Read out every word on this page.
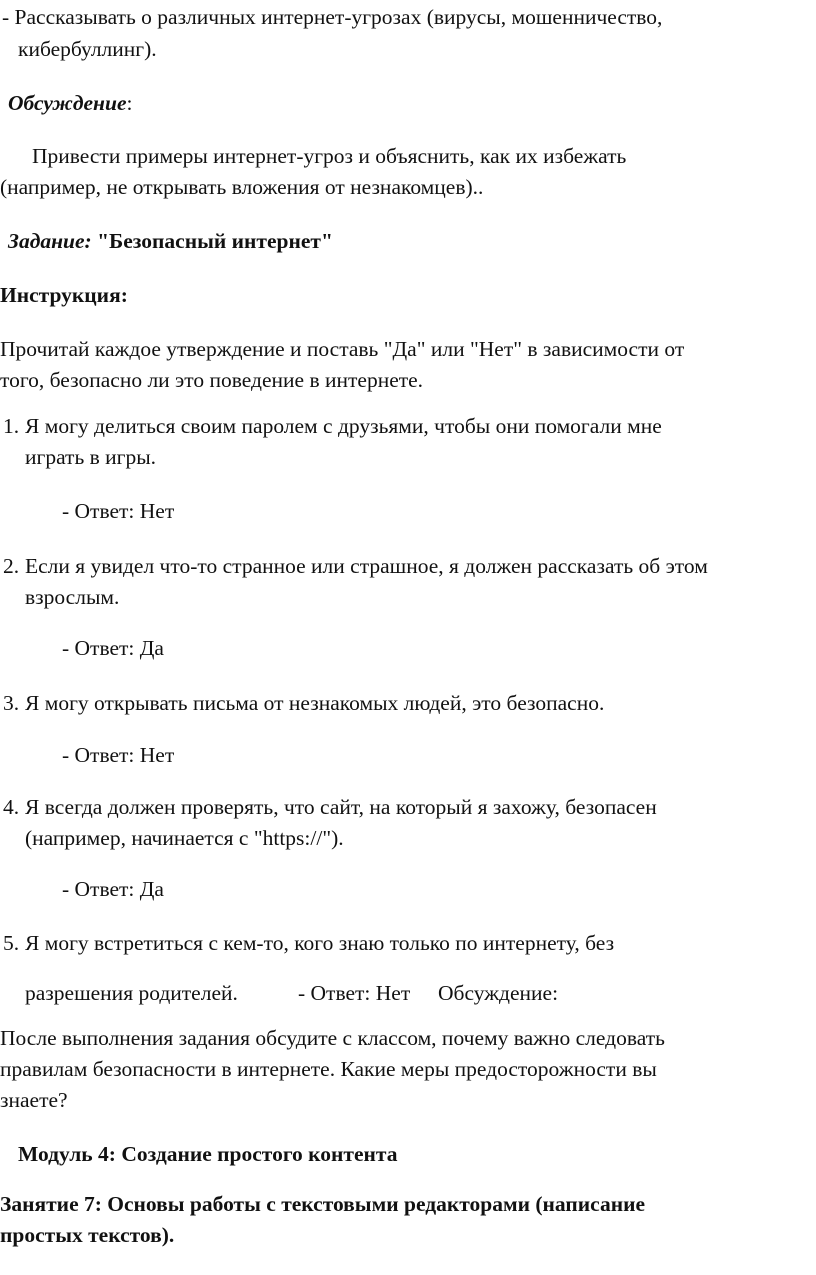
- Рассказывать о различных интернет-угрозах (вирусы, мошенничество,
кибербуллинг).
Обсуждение:
Привести примеры интернет-угроз и объяснить, как их избежать
(например, не открывать вложения от незнакомцев)..
Задание: "Безопасный интернет"
Инструкция:
Прочитай каждое утверждение и поставь "Да" или "Нет" в зависимости от
того, безопасно ли это поведение в интернете.
1. Я могу делиться своим паролем с друзьями, чтобы они помогали мне
играть в игры.
- Ответ: Нет
2. Если я увидел что-то странное или страшное, я должен рассказать об этом
взрослым.
- Ответ: Да
3. Я могу открывать письма от незнакомых людей, это безопасно.
- Ответ: Нет
4. Я всегда должен проверять, что сайт, на который я захожу, безопасен
(например, начинается с "https://").
- Ответ: Да
5. Я могу встретиться с кем-то, кого знаю только по интернету, без
разрешения родителей.	- Ответ: Нет Обсуждение:
После выполнения задания обсудите с классом, почему важно следовать
правилам безопасности в интернете. Какие меры предосторожности вы
знаете?
Модуль 4: Создание простого контента
Занятие 7: Основы работы с текстовыми редакторами (написание
простых текстов).
